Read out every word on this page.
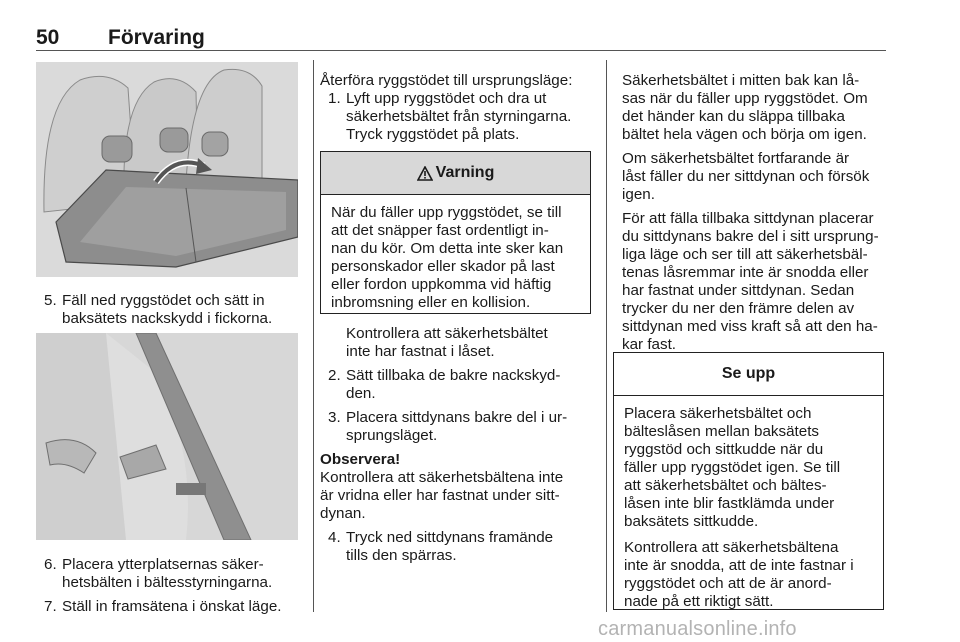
50 Förvaring
5. Fäll ned ryggstödet och sätt in

baksätets nackskydd i fickorna.

6. Placera ytterplatsernas säker-

hetsbälten i bältesstyrningarna.

7. Ställ in framsätena i önskat läge.

Återföra ryggstödet till ursprungsläge:

1. Lyft upp ryggstödet och dra ut

säkerhetsbältet från styrningarna.

Tryck ryggstödet på plats.

Varning

När du fäller upp ryggstödet, se till
att det snäpper fast ordentligt in-
nan du kör. Om detta inte sker kan
personskador eller skador på last
eller fordon uppkomma vid häftig
inbromsning eller en kollision.

Kontrollera att säkerhetsbältet

inte har fastnat i låset.

2. Sätt tillbaka de bakre nackskyd-

den.

3. Placera sittdynans bakre del i ur-

sprungsläget.

Observera!

Kontrollera att säkerhetsbältena inte

är vridna eller har fastnat under sitt-

dynan.

4. Tryck ned sittdynans framände

tills den spärras.

Säkerhetsbältet i mitten bak kan lå-

sas när du fäller upp ryggstödet. Om

det händer kan du släppa tillbaka

bältet hela vägen och börja om igen.

Om säkerhetsbältet fortfarande är

låst fäller du ner sittdynan och försök

igen.

För att fälla tillbaka sittdynan placerar

du sittdynans bakre del i sitt ursprung-

liga läge och ser till att säkerhetsbäl-

tenas låsremmar inte är snodda eller

har fastnat under sittdynan. Sedan

trycker du ner den främre delen av

sittdynan med viss kraft så att den ha-

kar fast.

Se upp

Placera säkerhetsbältet och
bälteslåsen mellan baksätets
ryggstöd och sittkudde när du
fäller upp ryggstödet igen. Se till
att säkerhetsbältet och bältes-
låsen inte blir fastklämda under
baksätets sittkudde.

Kontrollera att säkerhetsbältena
inte är snodda, att de inte fastnar i
ryggstödet och att de är anord-
nade på ett riktigt sätt.

carmanualsonline.info
